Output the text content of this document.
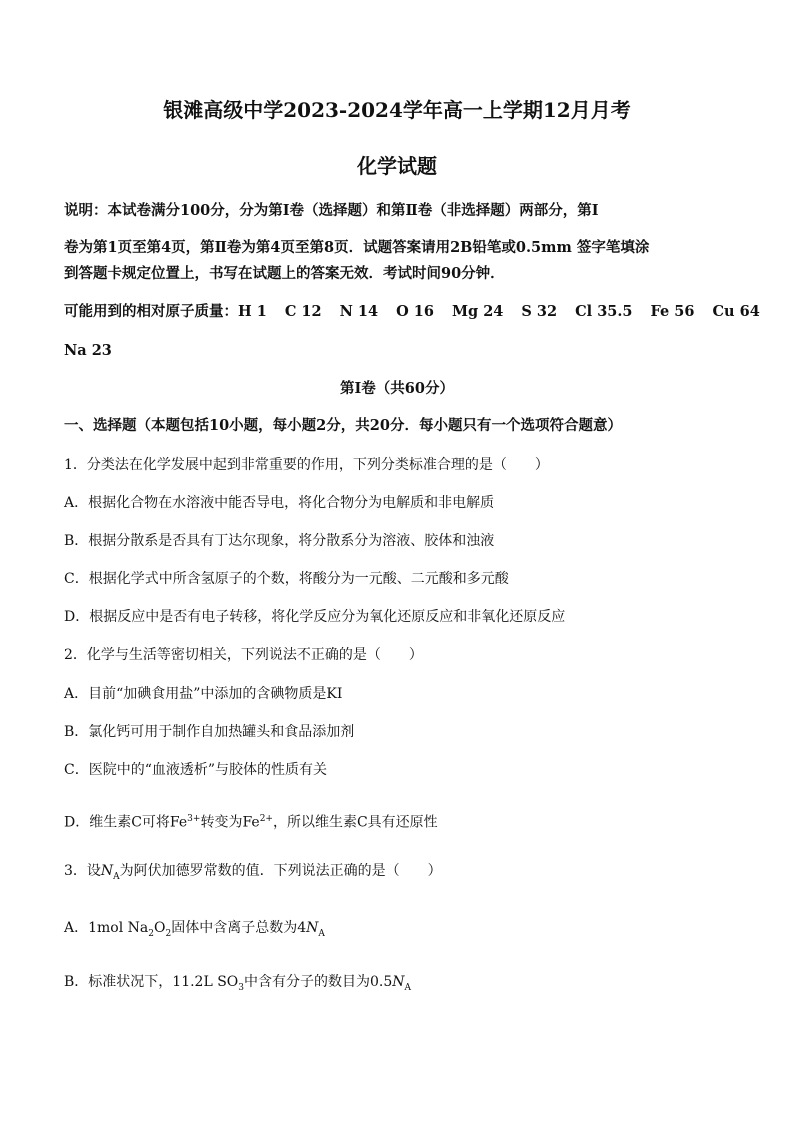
银滩高级中学2023-2024学年高一上学期12月月考
化学试题
说明：本试卷满分100分，分为第Ⅰ卷（选择题）和第Ⅱ卷（非选择题）两部分，第Ⅰ
卷为第1页至第4页，第Ⅱ卷为第4页至第8页．试题答案请用2B铅笔或0.5mm 签字笔填涂
到答题卡规定位置上，书写在试题上的答案无效．考试时间90分钟．
可能用到的相对原子质量：H 1 C 12 N 14 O 16 Mg 24 S 32 Cl 35.5 Fe 56 Cu 64
Na 23
第Ⅰ卷（共60分）
一、选择题（本题包括10小题，每小题2分，共20分．每小题只有一个选项符合题意）
1．分类法在化学发展中起到非常重要的作用，下列分类标准合理的是（　　）
A．根据化合物在水溶液中能否导电，将化合物分为电解质和非电解质
B．根据分散系是否具有丁达尔现象，将分散系分为溶液、胶体和浊液
C．根据化学式中所含氢原子的个数，将酸分为一元酸、二元酸和多元酸
D．根据反应中是否有电子转移，将化学反应分为氧化还原反应和非氧化还原反应
2．化学与生活等密切相关，下列说法不正确的是（　　）
A．目前“加碘食用盐”中添加的含碘物质是KI
B．氯化钙可用于制作自加热罐头和食品添加剂
C．医院中的“血液透析”与胶体的性质有关
D．维生素C可将$Fe^{3+}$转变为$Fe^{2+}$，所以维生素C具有还原性
3．设$N_A$为阿伏加德罗常数的值．下列说法正确的是（　　）
A．1mol $Na_2O_2$固体中含离子总数为$4N_A$
B．标准状况下，11.2L $SO_3$中含有分子的数目为$0.5N_A$
